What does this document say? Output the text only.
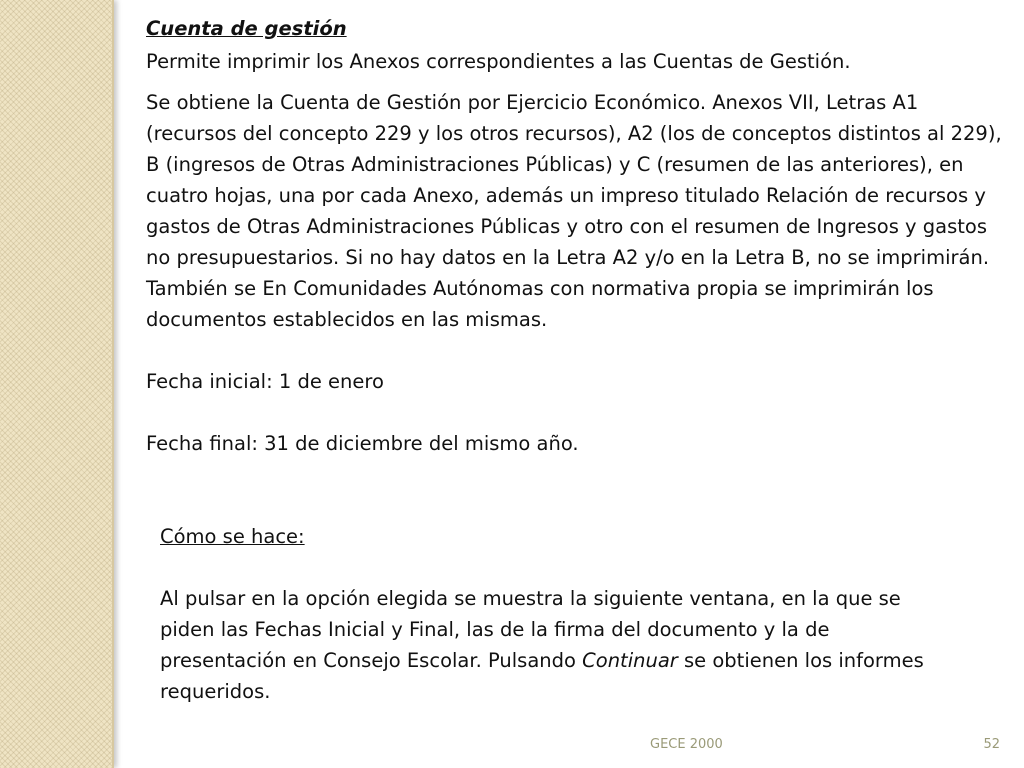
Cuenta de gestión

Permite imprimir los Anexos correspondientes a las Cuentas de Gestión.

Se obtiene la Cuenta de Gestión por Ejercicio Económico. Anexos VII, Letras A1 (recursos del concepto 229 y los otros recursos), A2 (los de conceptos distintos al 229), B (ingresos de Otras Administraciones Públicas) y C (resumen de las anteriores), en cuatro hojas, una por cada Anexo, además un impreso titulado Relación de recursos y gastos de Otras Administraciones Públicas y otro con el resumen de Ingresos y gastos no presupuestarios. Si no hay datos en la Letra A2 y/o en la Letra B, no se imprimirán. También se En Comunidades Autónomas con normativa propia se imprimirán los documentos establecidos en las mismas.

Fecha inicial: 1 de enero

Fecha final: 31 de diciembre del mismo año.

Cómo se hace:

Al pulsar en la opción elegida se muestra la siguiente ventana, en la que se piden las Fechas Inicial y Final, las de la firma del documento y la de presentación en Consejo Escolar. Pulsando Continuar se obtienen los informes requeridos.

GECE 2000	52
